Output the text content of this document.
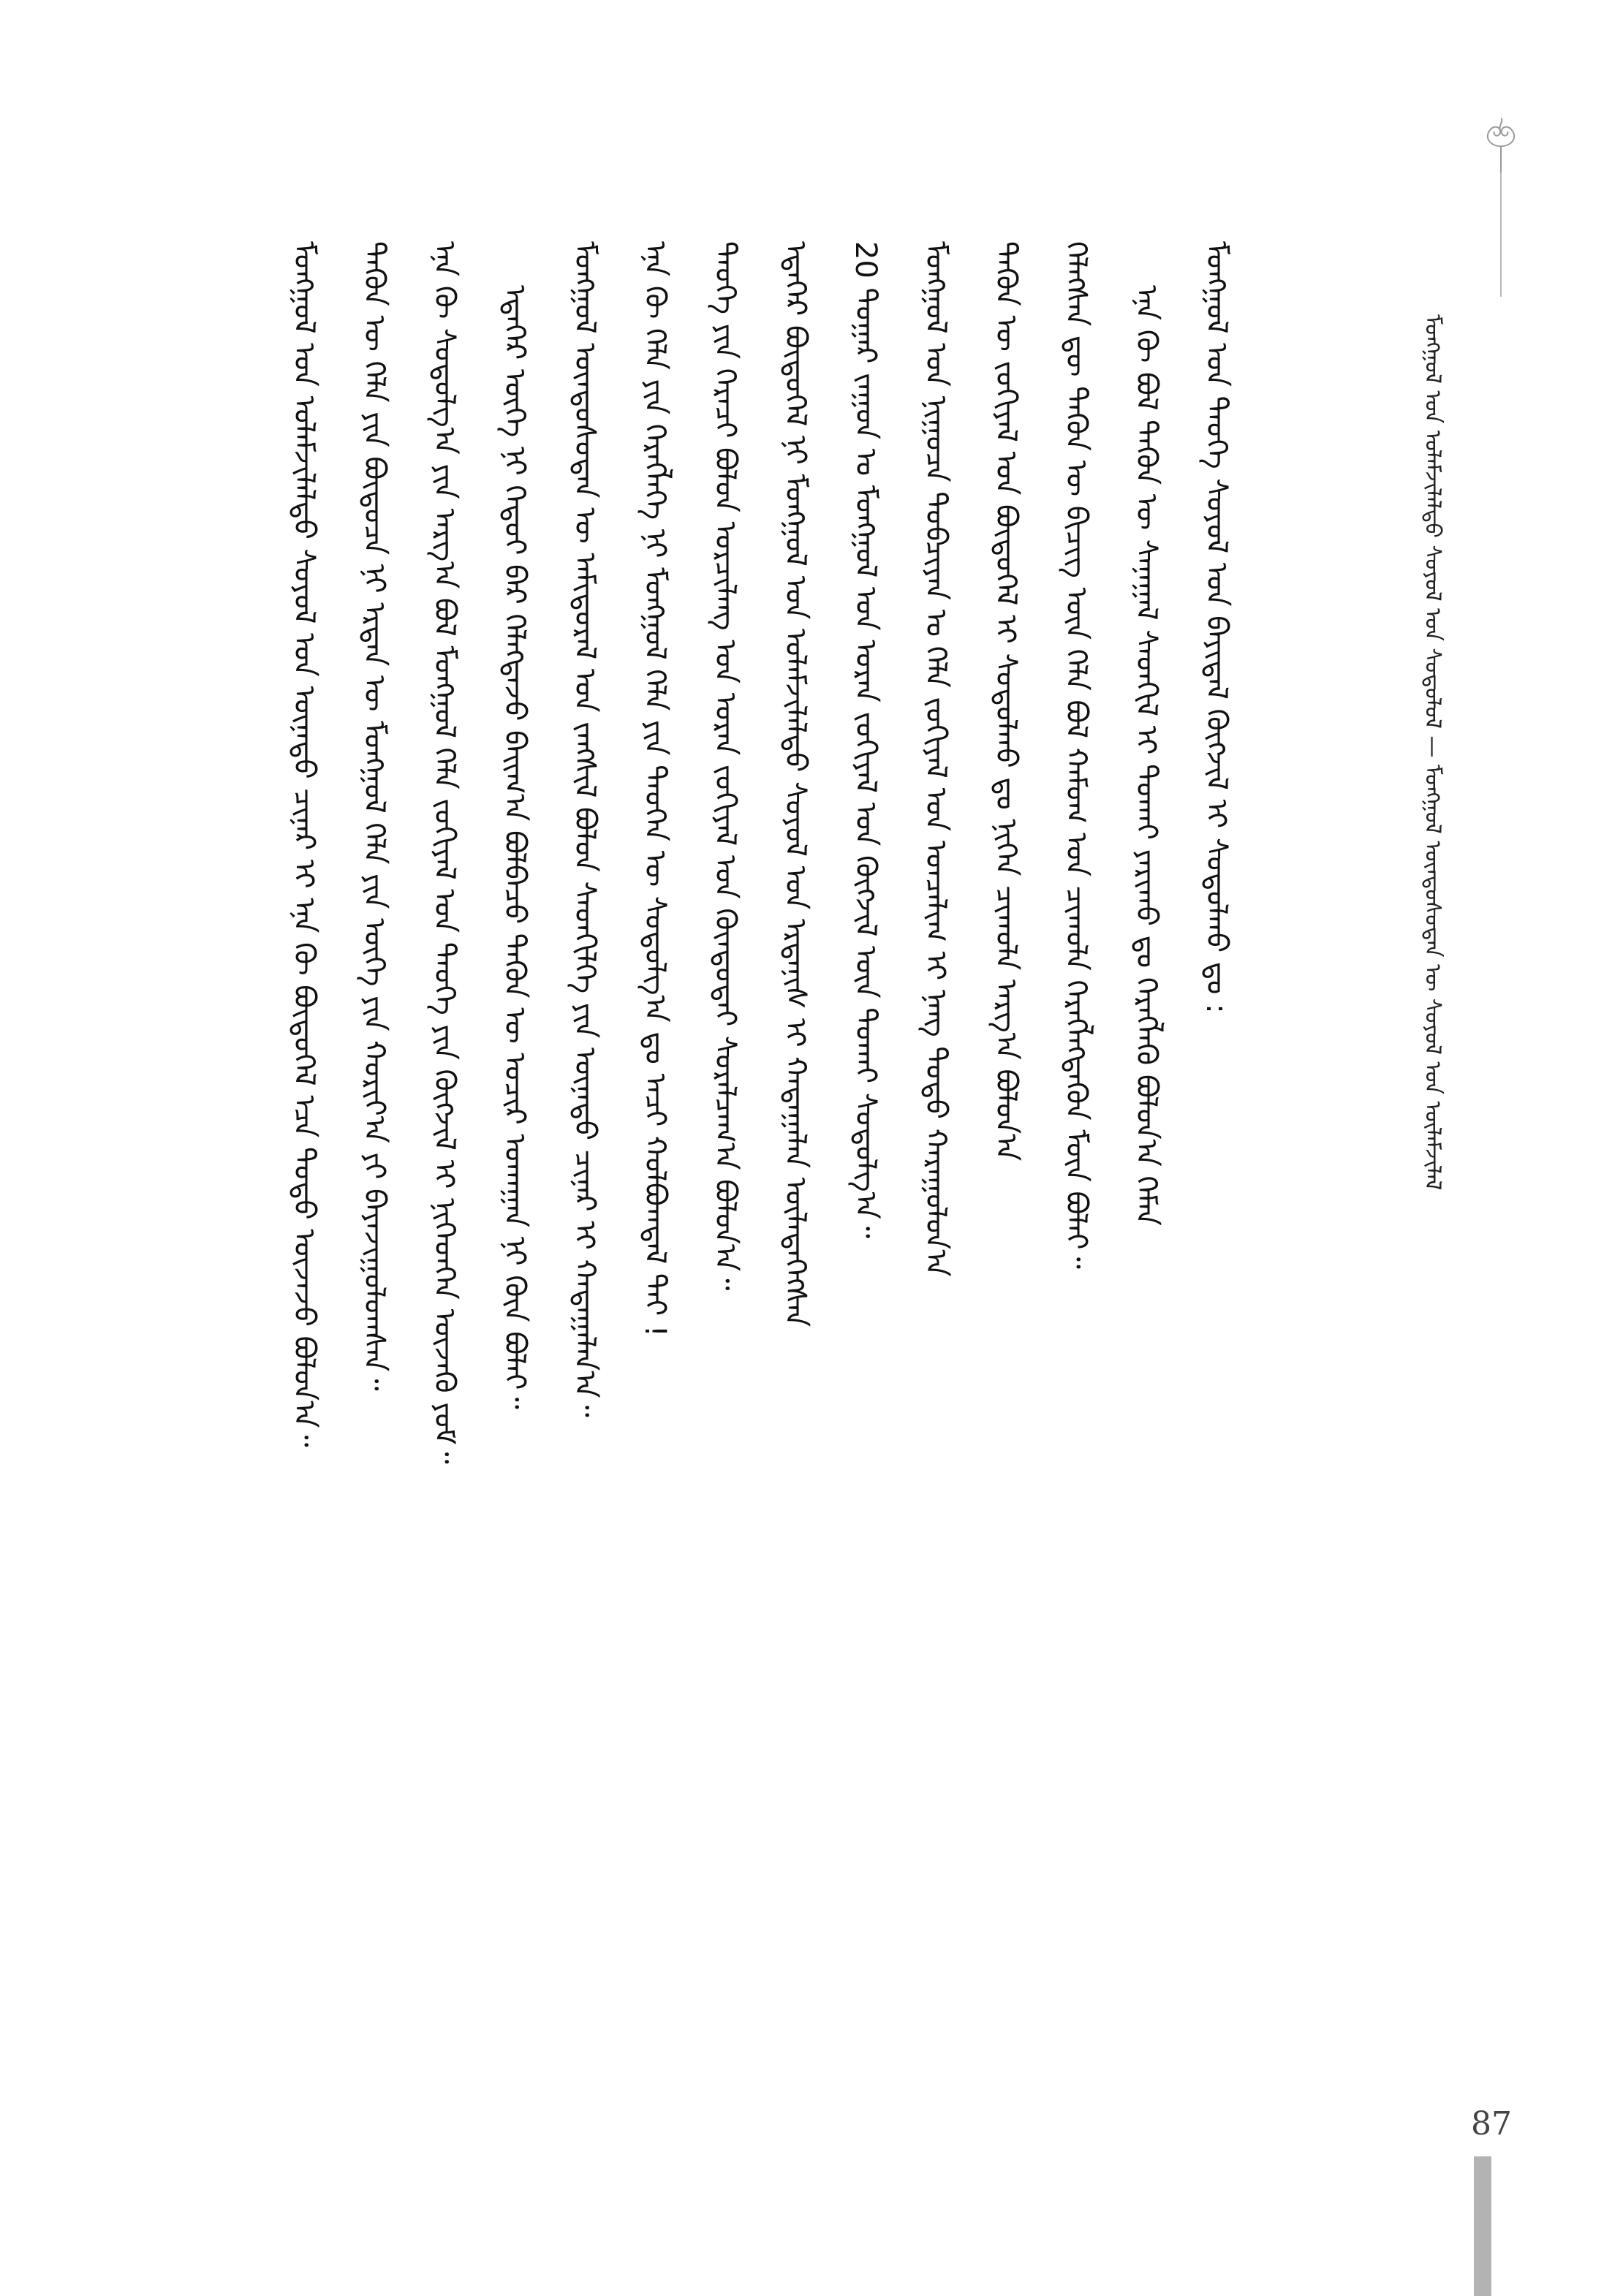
ᠮᠣᠩᠭᠣᠯ ᠤᠨ ᠤᠯᠠᠮᠵᠢᠯᠠᠯᠲᠤ ᠰᠣᠶᠣᠯ ᠤᠨ ᠰᠤᠳᠤᠯᠤᠯ — ᠮᠣᠩᠭᠣᠯ ᠦᠨᠳᠦᠰᠦᠲᠡᠨ ᠦ ᠰᠣᠶᠣᠯ ᠤᠨ ᠦᠯᠡᠮᠵᠢᠯᠡᠯ

ᠮᠣᠩᠭᠣᠯ ᠤᠨ ᠲᠡᠦᠬᠡ ᠰᠣᠶᠣᠯ ᠤᠨ ᠪᠠᠶᠢᠳᠠᠯ ᠬᠥᠭᠵᠢᠯ ᠢ ᠰᠤᠳᠤᠯᠬᠤ ᠳᠤ :

ᠡᠨᠡ ᠬᠦ ᠪᠣᠯ ᠲᠡᠭᠦᠨ ᠦ ᠰᠠᠨᠠᠭᠠᠯ ᠰᠡᠳᠬᠢᠯ ᠢ ᠲᠤᠬᠠᠢ ᠶᠠᠷᠢᠬᠤ ᠳᠤ ᠬᠡᠷᠡᠭᠯᠡᠬᠦ ᠪᠣᠯᠤᠨ᠎ᠠ ᠬᠡᠮᠡᠨ

ᠬᠡᠯᠡᠭᠰᠡᠨ ᠳᠦ ᠲᠡᠭᠦᠨ ᠦ ᠪᠢᠴᠢᠭ᠌ ᠦᠨ ᠬᠡᠯᠡ ᠪᠣᠯ ᠬᠠᠮᠤᠭ ᠤᠨ ᠴᠢᠬᠤᠯᠠ ᠬᠡᠷᠡᠭᠯᠡᠭᠳᠡᠬᠦᠨ ᠮᠥᠨ ᠪᠣᠯᠠᠢ᠃

ᠲᠡᠭᠦᠨ ᠦ ᠵᠣᠬᠢᠶᠠᠯ ᠤᠨ ᠪᠦᠲᠦᠭᠡᠯ ᠢ ᠰᠤᠳᠤᠯᠬᠤ ᠳᠤ ᠨᠢᠭᠡᠨ ᠴᠢᠬᠤᠯᠠ ᠠᠷᠭ᠎ᠠ ᠪᠣᠯᠤᠨ᠎ᠠ

ᠮᠣᠩᠭᠣᠯ ᠤᠨ ᠨᠢᠭᠤᠴᠠ ᠲᠣᠪᠴᠢᠶᠠᠨ ᠤ ᠬᠡᠯᠡ ᠵᠣᠬᠢᠶᠠᠯ ᠤᠨ ᠣᠨᠴᠠᠯᠢᠭ ᠢ ᠨᠡᠩ ᠲᠣᠳᠣ ᠬᠠᠷᠠᠭᠤᠯᠤᠨ᠎ᠠ

20 ᠳᠤᠭᠠᠷ ᠵᠠᠭᠤᠨ ᠤ ᠮᠣᠩᠭᠣᠯ ᠤᠨ ᠤᠷᠠᠨ ᠵᠣᠬᠢᠶᠠᠯ ᠤᠨ ᠬᠥᠭᠵᠢᠯ ᠦᠨ ᠲᠤᠬᠠᠢ ᠰᠤᠳᠤᠯᠭ᠎ᠠ᠃

ᠡᠳᠡᠭᠡᠷ ᠪᠦᠲᠦᠭᠡᠯ ᠨᠢ ᠮᠣᠩᠭᠣᠯ ᠤᠨ ᠤᠯᠠᠮᠵᠢᠯᠠᠯᠲᠤ ᠰᠣᠶᠣᠯ ᠤᠨ ᠡᠷᠳᠡᠨᠢᠰ ᠢ ᠬᠠᠳᠠᠭᠠᠯᠠᠨ ᠦᠯᠡᠳᠡᠭᠡᠭᠰᠡᠨ

ᠲᠡᠦᠬᠡ ᠶᠢᠨ ᠭᠡᠷᠡᠴᠢ ᠪᠣᠯᠤᠨ ᠣᠷᠴᠢᠯᠠᠩ ᠤᠨ ᠤᠷᠠᠨ ᠵᠣᠬᠢᠶᠠᠯ ᠤᠨ ᠬᠦᠨᠳᠦᠲᠡᠢ ᠰᠤᠷᠠᠯᠴᠠᠭ᠎ᠠ ᠪᠣᠯᠤᠨ᠎ᠠ᠃

ᠡᠨᠡ ᠬᠦ ᠬᠡᠯᠡ ᠶᠢᠨ ᠬᠡᠷᠡᠭᠯᠡᠭᠡ ᠨᠢ ᠮᠣᠩᠭᠣᠯ ᠬᠡᠯᠡ ᠶᠢᠨ ᠲᠡᠦᠬᠡᠨ ᠦ ᠰᠤᠳᠤᠯᠭ᠎ᠠ ᠳᠤ ᠠᠴᠢ ᠬᠣᠯᠪᠣᠭᠳᠠᠯ ᠲᠠᠢ !

ᠮᠣᠩᠭᠣᠯ ᠦᠨᠳᠦᠰᠦᠲᠡᠨ ᠦ ᠠᠮᠢᠳᠤᠷᠠᠯ ᠤᠨ ᠵᠠᠩᠱᠢᠯ ᠪᠣᠯᠤᠨ ᠰᠡᠳᠬᠢᠯᠭᠡ ᠶᠢᠨ ᠦᠨᠡᠲᠦ ᠴᠢᠨᠠᠷ ᠢ ᠬᠠᠳᠠᠭᠠᠯᠠᠨ᠎ᠠ᠃

ᠡᠳᠡᠭᠡᠷ ᠦᠭᠡ ᠨᠢ ᠬᠡᠳᠦᠢ ᠪᠡᠷ ᠬᠡᠯᠡᠭᠳᠡᠵᠦ ᠪᠠᠢᠭ᠎ᠠ ᠪᠣᠯᠪᠠᠴᠤ ᠲᠡᠭᠦᠨ ᠦ ᠤᠴᠢᠷ ᠤᠬᠠᠭᠠᠨ ᠨᠢ ᠭᠦᠨ ᠪᠣᠯᠠᠢ᠃

ᠡᠨᠡ ᠬᠦ ᠰᠤᠳᠤᠯᠭ᠎ᠠ ᠶᠢᠨ ᠠᠷᠭ᠎ᠠ ᠪᠣᠯ ᠮᠣᠩᠭᠣᠯ ᠬᠡᠯᠡ ᠵᠣᠬᠢᠶᠠᠯ ᠤᠨ ᠲᠡᠦᠬᠡ ᠶᠢᠨ ᠬᠥᠭᠵᠢᠯ ᠢ ᠨᠢᠭᠡᠳᠬᠡᠨ ᠦᠵᠡᠬᠦ ᠶᠤᠮ᠃

ᠲᠡᠭᠦᠨ ᠦ ᠬᠡᠯᠡ ᠶᠢᠨ ᠪᠦᠲᠦᠴᠡ ᠨᠢ ᠡᠷᠲᠡᠨ ᠦ ᠮᠣᠩᠭᠣᠯ ᠬᠡᠯᠡ ᠶᠢᠨ ᠦᠭᠡ ᠶᠢᠨ ᠬᠣᠷᠢᠶ᠎ᠠ ᠶᠢ ᠪᠠᠶᠠᠵᠢᠭᠤᠯᠤᠭᠰᠠᠨ᠃

ᠮᠣᠩᠭᠣᠯ ᠤᠨ ᠤᠯᠠᠮᠵᠢᠯᠠᠯᠲᠤ ᠰᠣᠶᠣᠯ ᠤᠨ ᠦᠨᠡᠲᠦ ᠴᠢᠨᠠᠷ ᠢ ᠡᠨᠡ ᠬᠦ ᠪᠦᠲᠦᠭᠡᠯ ᠡᠴᠡ ᠲᠣᠳᠣ ᠦᠵᠡᠵᠦ ᠪᠣᠯᠤᠨ᠎ᠠ᠃

87
